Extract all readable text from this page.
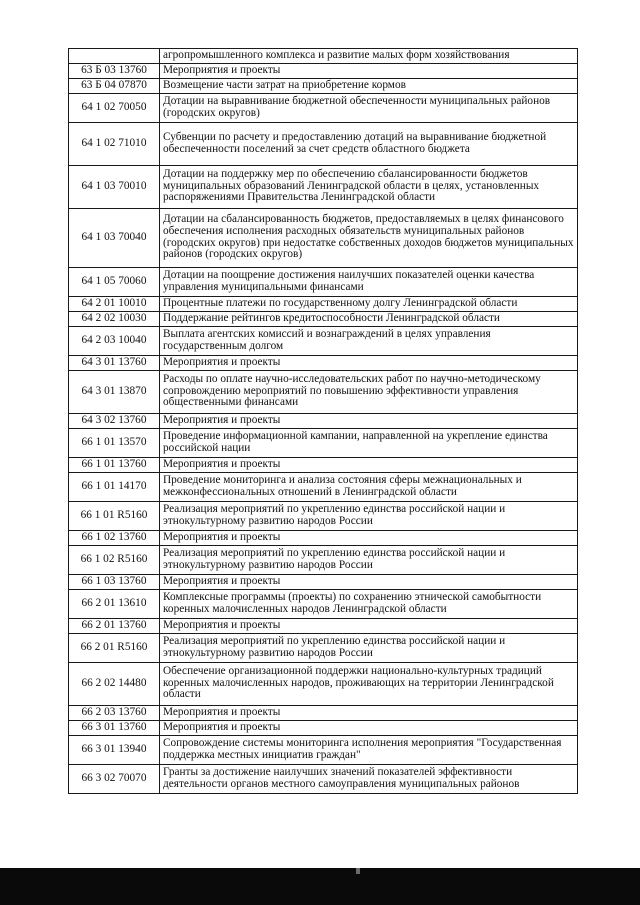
	агропромышленного комплекса и развитие малых форм хозяйствования
63 Б 03 13760	Мероприятия и проекты
63 Б 04 07870	Возмещение части затрат на приобретение кормов
64 1 02 70050	Дотации на выравнивание бюджетной обеспеченности муниципальных районов (городских округов)
64 1 02 71010	Субвенции по расчету и предоставлению дотаций на выравнивание бюджетной обеспеченности поселений за счет средств областного бюджета
64 1 03 70010	Дотации на поддержку мер по обеспечению сбалансированности бюджетов муниципальных образований Ленинградской области в целях, установленных распоряжениями Правительства Ленинградской области
64 1 03 70040	Дотации на сбалансированность бюджетов, предоставляемых в целях финансового обеспечения исполнения расходных обязательств муниципальных районов (городских округов) при недостатке собственных доходов бюджетов муниципальных районов (городских округов)
64 1 05 70060	Дотации на поощрение достижения наилучших показателей оценки качества управления муниципальными финансами
64 2 01 10010	Процентные платежи по государственному долгу Ленинградской области
64 2 02 10030	Поддержание рейтингов кредитоспособности Ленинградской области
64 2 03 10040	Выплата агентских комиссий и вознаграждений в целях управления государственным долгом
64 3 01 13760	Мероприятия и проекты
64 3 01 13870	Расходы по оплате научно-исследовательских работ по научно-методическому сопровождению мероприятий по повышению эффективности управления общественными финансами
64 3 02 13760	Мероприятия и проекты
66 1 01 13570	Проведение информационной кампании, направленной на укрепление единства российской нации
66 1 01 13760	Мероприятия и проекты
66 1 01 14170	Проведение мониторинга и анализа состояния сферы межнациональных и межконфессиональных отношений в Ленинградской области
66 1 01 R5160	Реализация мероприятий по укреплению единства российской нации и этнокультурному развитию народов России
66 1 02 13760	Мероприятия и проекты
66 1 02 R5160	Реализация мероприятий по укреплению единства российской нации и этнокультурному развитию народов России
66 1 03 13760	Мероприятия и проекты
66 2 01 13610	Комплексные программы (проекты) по сохранению этнической самобытности коренных малочисленных народов Ленинградской области
66 2 01 13760	Мероприятия и проекты
66 2 01 R5160	Реализация мероприятий по укреплению единства российской нации и этнокультурному развитию народов России
66 2 02 14480	Обеспечение организационной поддержки национально-культурных традиций коренных малочисленных народов, проживающих на территории Ленинградской области
66 2 03 13760	Мероприятия и проекты
66 3 01 13760	Мероприятия и проекты
66 3 01 13940	Сопровождение системы мониторинга исполнения мероприятия "Государственная поддержка местных инициатив граждан"
66 3 02 70070	Гранты за достижение наилучших значений показателей эффективности деятельности органов местного самоуправления муниципальных районов
